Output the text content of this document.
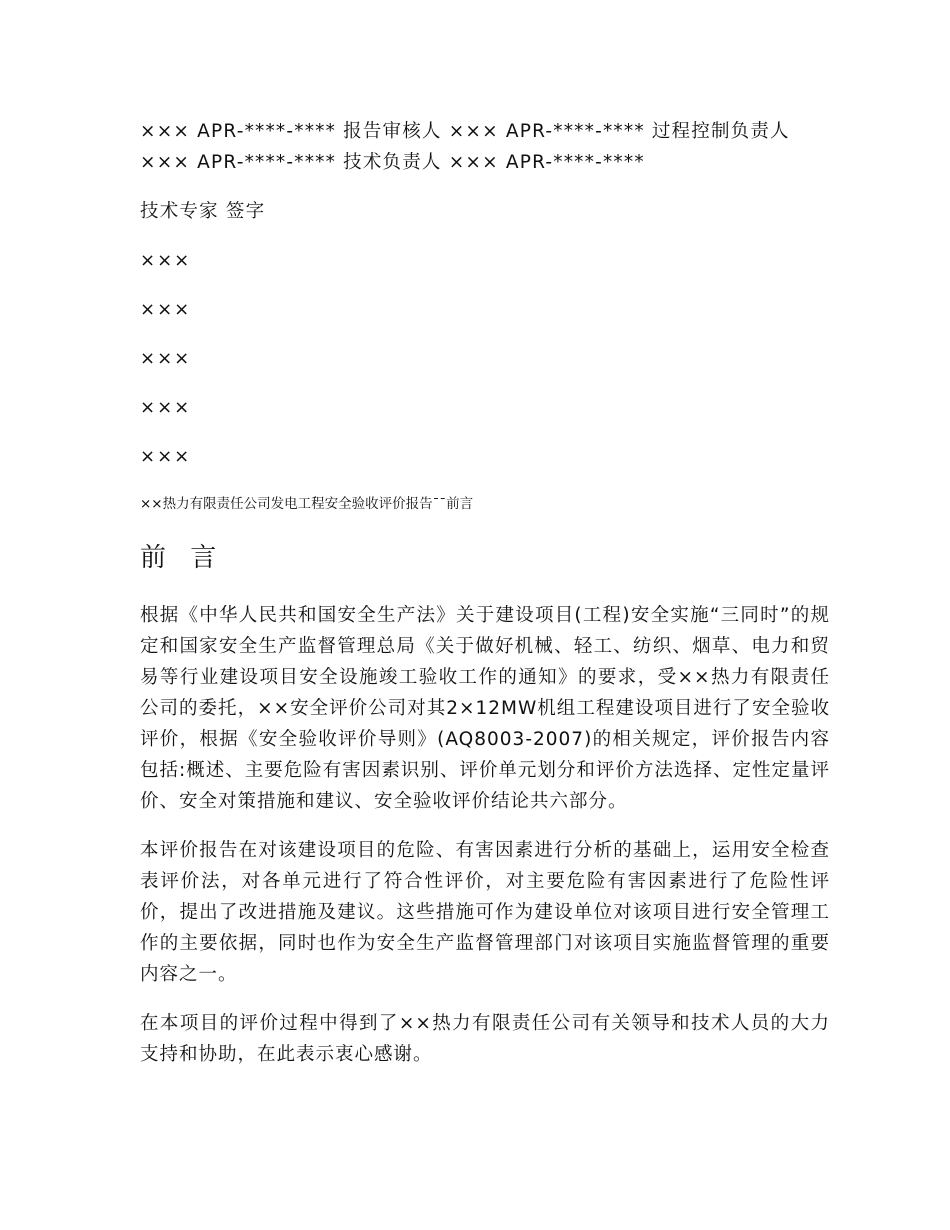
××× APR-****-**** 报告审核人 ××× APR-****-**** 过程控制负责人 ××× APR-****-**** 技术负责人 ××× APR-****-****

技术专家 签字

×××
×××
×××
×××
×××

××热力有限责任公司发电工程安全验收评价报告¯¯前言

前 言

根据《中华人民共和国安全生产法》关于建设项目(工程)安全实施“三同时”的规定和国家安全生产监督管理总局《关于做好机械、轻工、纺织、烟草、电力和贸易等行业建设项目安全设施竣工验收工作的通知》的要求，受××热力有限责任公司的委托，××安全评价公司对其2×12MW机组工程建设项目进行了安全验收评价，根据《安全验收评价导则》(AQ8003-2007)的相关规定，评价报告内容包括:概述、主要危险有害因素识别、评价单元划分和评价方法选择、定性定量评价、安全对策措施和建议、安全验收评价结论共六部分。

本评价报告在对该建设项目的危险、有害因素进行分析的基础上，运用安全检查表评价法，对各单元进行了符合性评价，对主要危险有害因素进行了危险性评价，提出了改进措施及建议。这些措施可作为建设单位对该项目进行安全管理工作的主要依据，同时也作为安全生产监督管理部门对该项目实施监督管理的重要内容之一。

在本项目的评价过程中得到了××热力有限责任公司有关领导和技术人员的大力支持和协助，在此表示衷心感谢。
